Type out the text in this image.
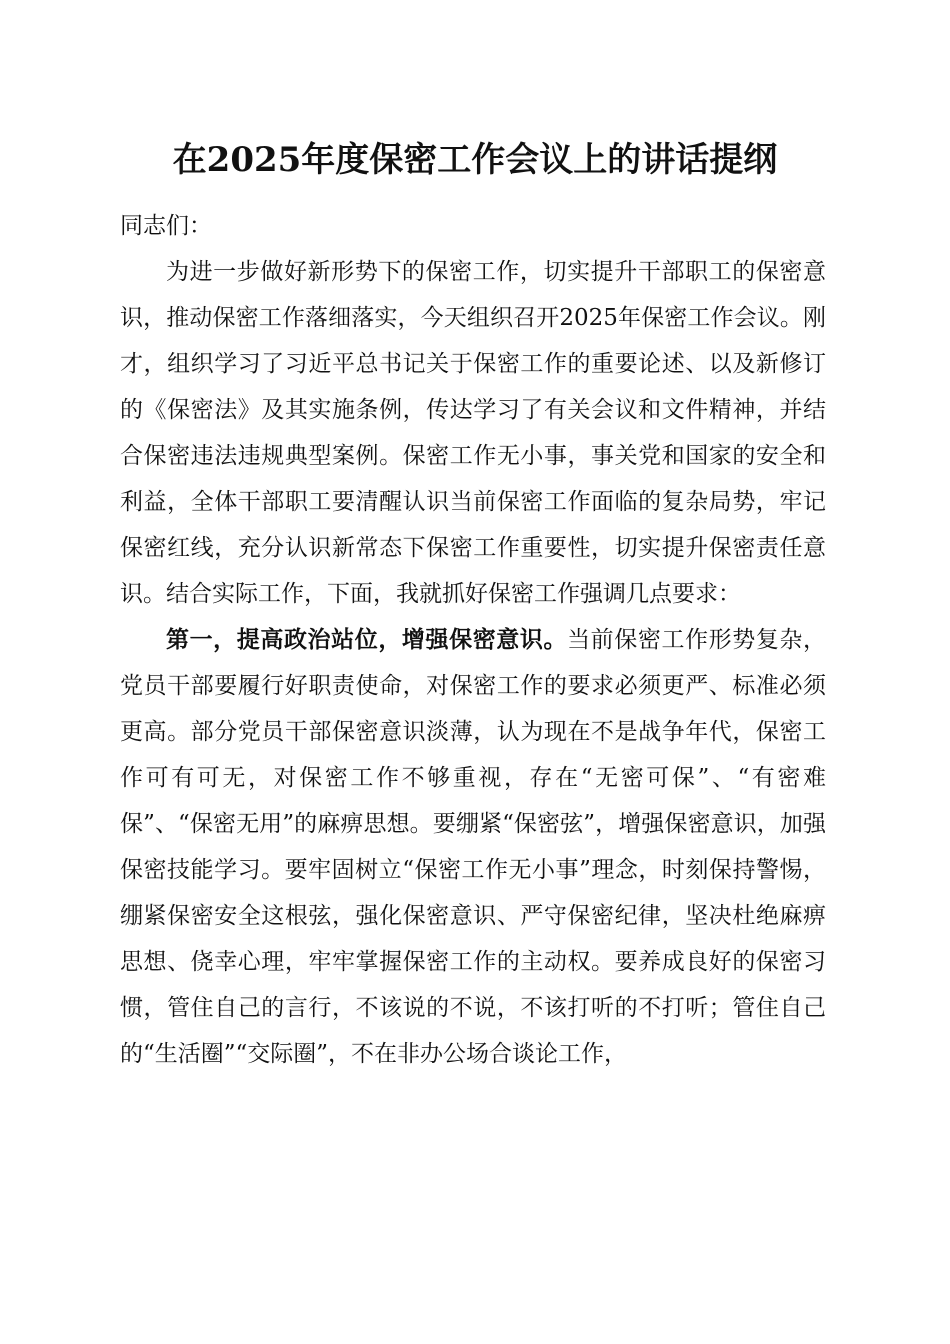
在2025年度保密工作会议上的讲话提纲

同志们：

为进一步做好新形势下的保密工作，切实提升干部职工的保密意识，推动保密工作落细落实，今天组织召开2025年保密工作会议。刚才，组织学习了习近平总书记关于保密工作的重要论述、以及新修订的《保密法》及其实施条例，传达学习了有关会议和文件精神，并结合保密违法违规典型案例。保密工作无小事，事关党和国家的安全和利益，全体干部职工要清醒认识当前保密工作面临的复杂局势，牢记保密红线，充分认识新常态下保密工作重要性，切实提升保密责任意识。结合实际工作，下面，我就抓好保密工作强调几点要求：

第一，提高政治站位，增强保密意识。当前保密工作形势复杂，党员干部要履行好职责使命，对保密工作的要求必须更严、标准必须更高。部分党员干部保密意识淡薄，认为现在不是战争年代，保密工作可有可无，对保密工作不够重视，存在“无密可保”、“有密难保”、“保密无用”的麻痹思想。要绷紧“保密弦”，增强保密意识，加强保密技能学习。要牢固树立“保密工作无小事”理念，时刻保持警惕，绷紧保密安全这根弦，强化保密意识、严守保密纪律，坚决杜绝麻痹思想、侥幸心理，牢牢掌握保密工作的主动权。要养成良好的保密习惯，管住自己的言行，不该说的不说，不该打听的不打听；管住自己的“生活圈”“交际圈”，不在非办公场合谈论工作，
